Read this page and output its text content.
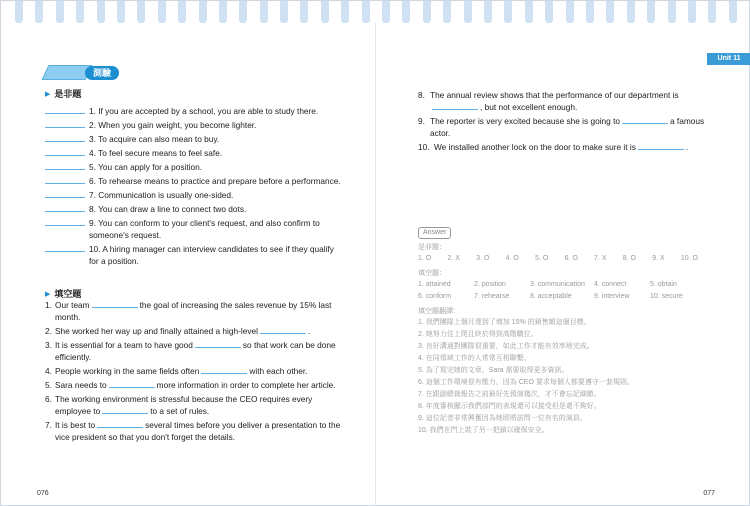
測驗
▶ 是非題
1. If you are accepted by a school, you are able to study there.
2. When you gain weight, you become lighter.
3. To acquire can also mean to buy.
4. To feel secure means to feel safe.
5. You can apply for a position.
6. To rehearse means to practice and prepare before a performance.
7. Communication is usually one-sided.
8. You can draw a line to connect two dots.
9. You can conform to your client's request, and also confirm to someone's request.
10. A hiring manager can interview candidates to see if they qualify for a position.
▶ 填空題
1. Our team	the goal of increasing the sales revenue by 15% last month.
2. She worked her way up and finally attained a high-level	.
3. It is essential for a team to have good	so that work can be done efficiently.
4. People working in the same fields often	with each other.
5. Sara needs to	more information in order to complete her article.
6. The working environment is stressful because the CEO requires every employee to	to a set of rules.
7. It is best to	several times before you deliver a presentation to the vice president so that you don't forget the details.
076
Unit 11
8. The annual review shows that the performance of our department is, but not excellent enough.
9. The reporter is very excited because she is going to	a famous actor.
10. We installed another lock on the door to make sure it is	.
Answer
是非題：
1. O 2. X 3. O 4. O 5. O 6. O 7. X 8. O 9. X 10. O
填空題：
1. attained	2. position	3. communication	4. connect	5. obtain
6. conform	7. rehearse	8. acceptable	9. interview	10. secure
填空題翻譯：
1. 我們團隊上個月達到了增加 15% 的銷售額這個目標。
2. 她努力往上爬且終於得到高階職位。
3. 良好溝通對團隊很重要，如此工作才能有效率地完成。
4. 在同領域工作的人常常互相聯繫。
5. 為了寫完她的文章，Sara 需要取得更多資訊。
6. 這個工作環境很有壓力，因為 CEO 要求每個人都要遵守一套規則。
7. 在跟副總裁報告之前最好先預演幾次，才不會忘記細節。
8. 年度審核顯示我們部門的表現還可以接受但是還不夠好。
9. 這位記者非常興奮因為她即將訪問一位有名的演員。
10. 我們在門上裝了另一把鎖以確保安全。
077
